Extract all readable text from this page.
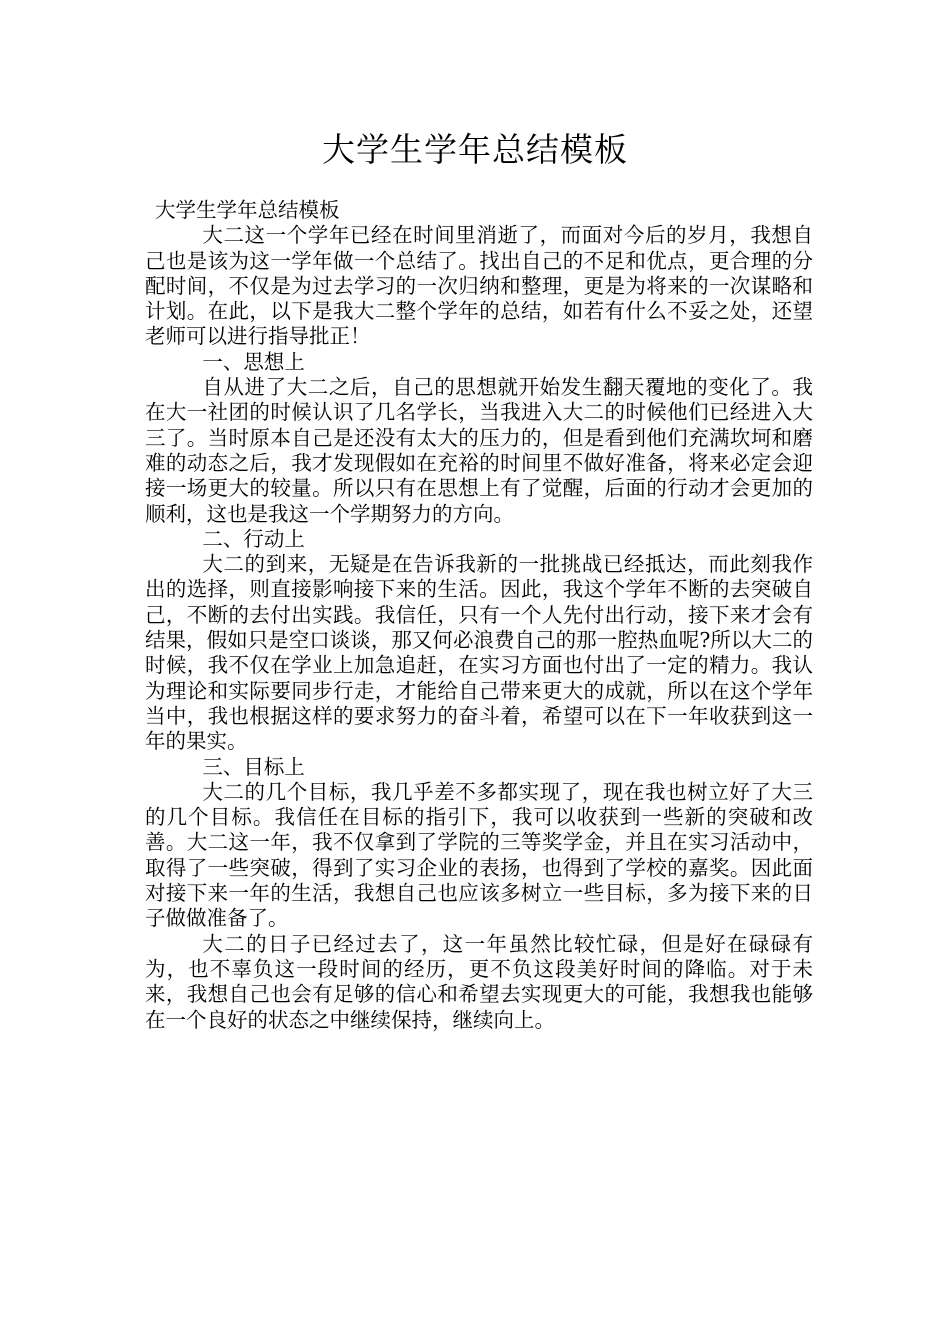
大学生学年总结模板

大学生学年总结模板

大二这一个学年已经在时间里消逝了，而面对今后的岁月，我想自己也是该为这一学年做一个总结了。找出自己的不足和优点，更合理的分配时间，不仅是为过去学习的一次归纳和整理，更是为将来的一次谋略和计划。在此，以下是我大二整个学年的总结，如若有什么不妥之处，还望老师可以进行指导批正！

一、思想上

自从进了大二之后，自己的思想就开始发生翻天覆地的变化了。我在大一社团的时候认识了几名学长，当我进入大二的时候他们已经进入大三了。当时原本自己是还没有太大的压力的，但是看到他们充满坎坷和磨难的动态之后，我才发现假如在充裕的时间里不做好准备，将来必定会迎接一场更大的较量。所以只有在思想上有了觉醒，后面的行动才会更加的顺利，这也是我这一个学期努力的方向。

二、行动上

大二的到来，无疑是在告诉我新的一批挑战已经抵达，而此刻我作出的选择，则直接影响接下来的生活。因此，我这个学年不断的去突破自己，不断的去付出实践。我信任，只有一个人先付出行动，接下来才会有结果，假如只是空口谈谈，那又何必浪费自己的那一腔热血呢?所以大二的时候，我不仅在学业上加急追赶，在实习方面也付出了一定的精力。我认为理论和实际要同步行走，才能给自己带来更大的成就，所以在这个学年当中，我也根据这样的要求努力的奋斗着，希望可以在下一年收获到这一年的果实。

三、目标上

大二的几个目标，我几乎差不多都实现了，现在我也树立好了大三的几个目标。我信任在目标的指引下，我可以收获到一些新的突破和改善。大二这一年，我不仅拿到了学院的三等奖学金，并且在实习活动中，取得了一些突破，得到了实习企业的表扬，也得到了学校的嘉奖。因此面对接下来一年的生活，我想自己也应该多树立一些目标，多为接下来的日子做做准备了。

大二的日子已经过去了，这一年虽然比较忙碌，但是好在碌碌有为，也不辜负这一段时间的经历，更不负这段美好时间的降临。对于未来，我想自己也会有足够的信心和希望去实现更大的可能，我想我也能够在一个良好的状态之中继续保持，继续向上。
